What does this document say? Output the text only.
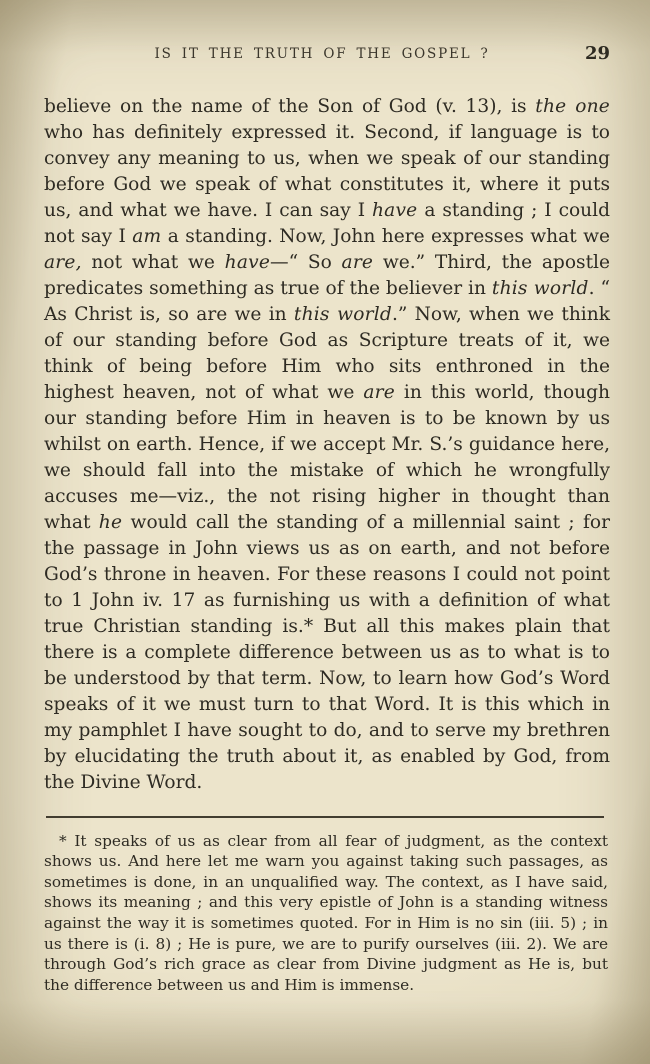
IS IT THE TRUTH OF THE GOSPEL ?	29
believe on the name of the Son of God (v. 13), is the one who has definitely expressed it. Second, if language is to convey any meaning to us, when we speak of our standing before God we speak of what constitutes it, where it puts us, and what we have. I can say I have a standing ; I could not say I am a standing. Now, John here expresses what we are, not what we have—“ So are we.” Third, the apostle predicates something as true of the believer in this world. “ As Christ is, so are we in this world.” Now, when we think of our standing before God as Scripture treats of it, we think of being before Him who sits enthroned in the highest heaven, not of what we are in this world, though our standing before Him in heaven is to be known by us whilst on earth. Hence, if we accept Mr. S.’s guidance here, we should fall into the mistake of which he wrongfully accuses me—viz., the not rising higher in thought than what he would call the standing of a millennial saint ; for the passage in John views us as on earth, and not before God’s throne in heaven. For these reasons I could not point to 1 John iv. 17 as furnishing us with a definition of what true Christian standing is.* But all this makes plain that there is a complete difference between us as to what is to be understood by that term. Now, to learn how God’s Word speaks of it we must turn to that Word. It is this which in my pamphlet I have sought to do, and to serve my brethren by elucidating the truth about it, as enabled by God, from the Divine Word.
* It speaks of us as clear from all fear of judgment, as the context shows us. And here let me warn you against taking such passages, as sometimes is done, in an unqualified way. The context, as I have said, shows its meaning ; and this very epistle of John is a standing witness against the way it is sometimes quoted. For in Him is no sin (iii. 5) ; in us there is (i. 8) ; He is pure, we are to purify ourselves (iii. 2). We are through God’s rich grace as clear from Divine judgment as He is, but the difference between us and Him is immense.
